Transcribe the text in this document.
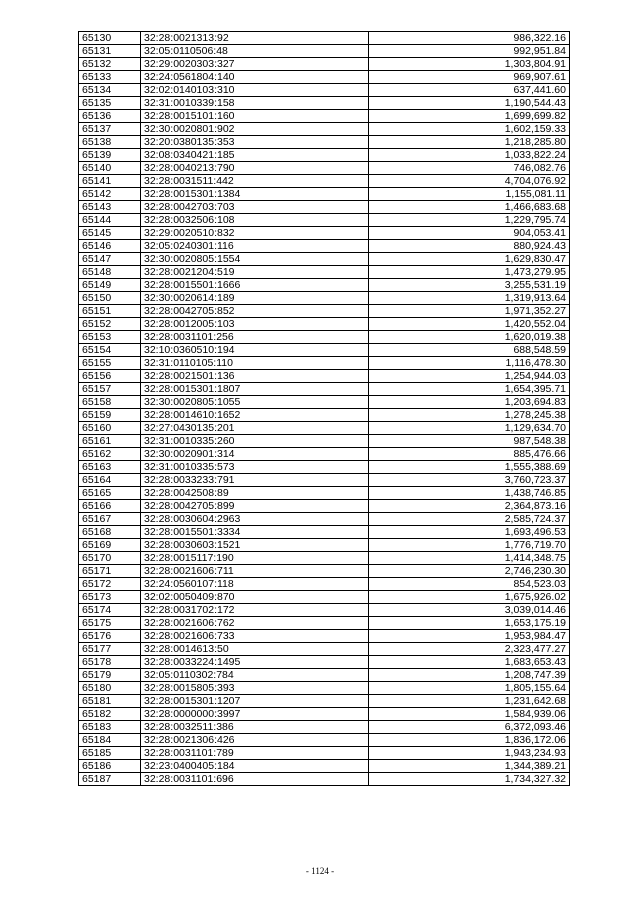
65130	32:28:0021313:92	986,322.16
65131	32:05:0110506:48	992,951.84
65132	32:29:0020303:327	1,303,804.91
65133	32:24:0561804:140	969,907.61
65134	32:02:0140103:310	637,441.60
65135	32:31:0010339:158	1,190,544.43
65136	32:28:0015101:160	1,699,699.82
65137	32:30:0020801:902	1,602,159.33
65138	32:20:0380135:353	1,218,285.80
65139	32:08:0340421:185	1,033,822.24
65140	32:28:0040213:790	746,082.76
65141	32:28:0031511:442	4,704,076.92
65142	32:28:0015301:1384	1,155,081.11
65143	32:28:0042703:703	1,466,683.68
65144	32:28:0032506:108	1,229,795.74
65145	32:29:0020510:832	904,053.41
65146	32:05:0240301:116	880,924.43
65147	32:30:0020805:1554	1,629,830.47
65148	32:28:0021204:519	1,473,279.95
65149	32:28:0015501:1666	3,255,531.19
65150	32:30:0020614:189	1,319,913.64
65151	32:28:0042705:852	1,971,352.27
65152	32:28:0012005:103	1,420,552.04
65153	32:28:0031101:256	1,620,019.38
65154	32:10:0360510:194	688,548.59
65155	32:31:0110105:110	1,116,478.30
65156	32:28:0021501:136	1,254,944.03
65157	32:28:0015301:1807	1,654,395.71
65158	32:30:0020805:1055	1,203,694.83
65159	32:28:0014610:1652	1,278,245.38
65160	32:27:0430135:201	1,129,634.70
65161	32:31:0010335:260	987,548.38
65162	32:30:0020901:314	885,476.66
65163	32:31:0010335:573	1,555,388.69
65164	32:28:0033233:791	3,760,723.37
65165	32:28:0042508:89	1,438,746.85
65166	32:28:0042705:899	2,364,873.16
65167	32:28:0030604:2963	2,585,724.37
65168	32:28:0015501:3334	1,693,496.53
65169	32:28:0030603:1521	1,776,719.70
65170	32:28:0015117:190	1,414,348.75
65171	32:28:0021606:711	2,746,230.30
65172	32:24:0560107:118	854,523.03
65173	32:02:0050409:870	1,675,926.02
65174	32:28:0031702:172	3,039,014.46
65175	32:28:0021606:762	1,653,175.19
65176	32:28:0021606:733	1,953,984.47
65177	32:28:0014613:50	2,323,477.27
65178	32:28:0033224:1495	1,683,653.43
65179	32:05:0110302:784	1,208,747.39
65180	32:28:0015805:393	1,805,155.64
65181	32:28:0015301:1207	1,231,642.68
65182	32:28:0000000:3997	1,584,939.06
65183	32:28:0032511:386	6,372,093.46
65184	32:28:0021306:426	1,836,172.06
65185	32:28:0031101:789	1,943,234.93
65186	32:23:0400405:184	1,344,389.21
65187	32:28:0031101:696	1,734,327.32
- 1124 -
